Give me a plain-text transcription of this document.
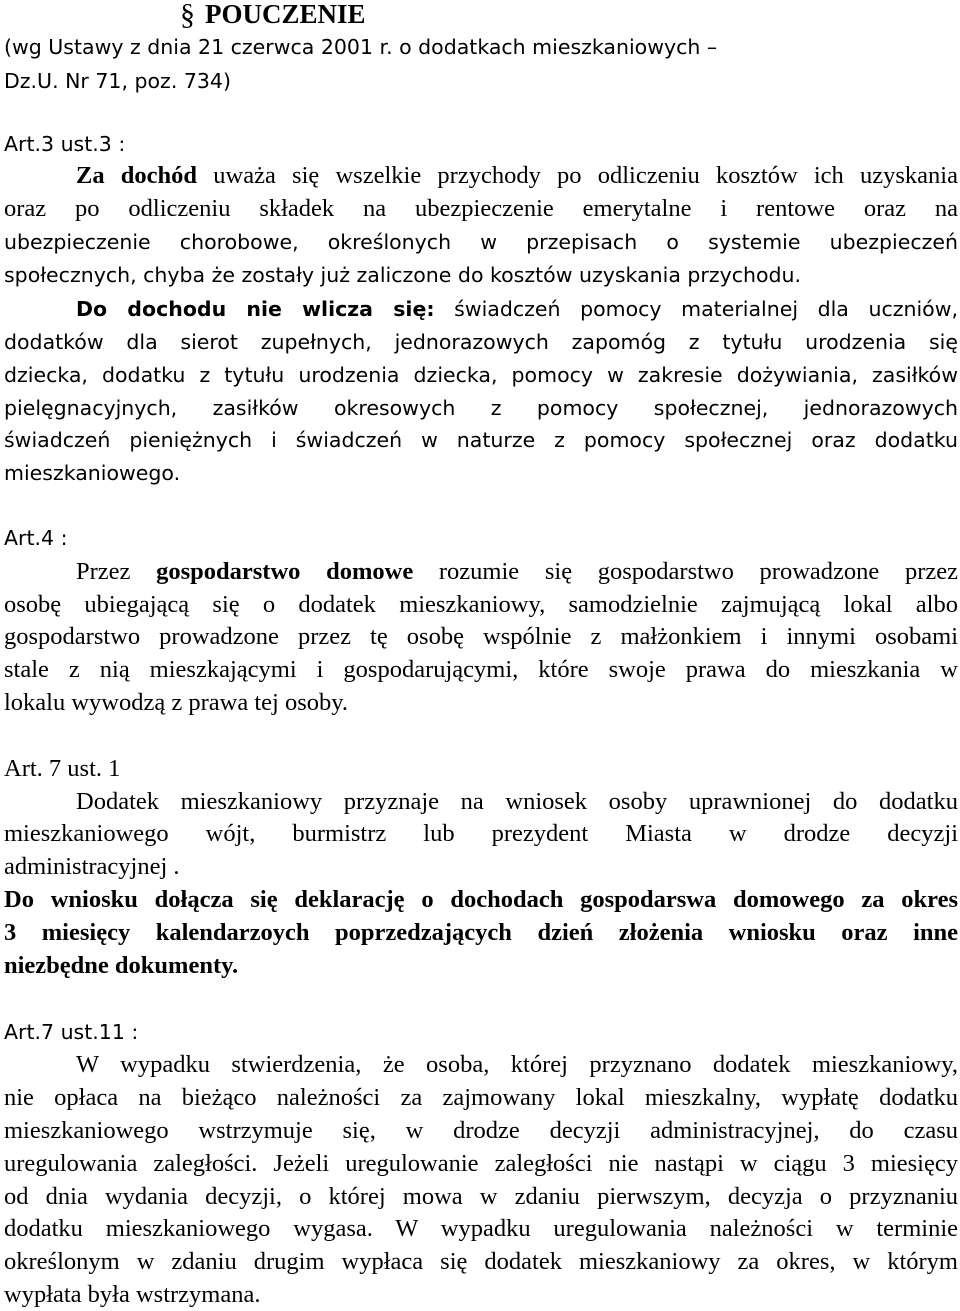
§ POUCZENIE
(wg Ustawy z dnia 21 czerwca 2001 r. o dodatkach mieszkaniowych –
Dz.U. Nr 71, poz. 734)
Art.3 ust.3 :
Za dochód uważa się wszelkie przychody po odliczeniu kosztów ich uzyskania
oraz po odliczeniu składek na ubezpieczenie emerytalne i rentowe oraz na
ubezpieczenie chorobowe, określonych w przepisach o systemie ubezpieczeń
społecznych, chyba że zostały już zaliczone do kosztów uzyskania przychodu.
Do dochodu nie wlicza się: świadczeń pomocy materialnej dla uczniów,
dodatków dla sierot zupełnych, jednorazowych zapomóg z tytułu urodzenia się
dziecka, dodatku z tytułu urodzenia dziecka, pomocy w zakresie dożywiania, zasiłków
pielęgnacyjnych, zasiłków okresowych z pomocy społecznej, jednorazowych
świadczeń pieniężnych i świadczeń w naturze z pomocy społecznej oraz dodatku
mieszkaniowego.
Art.4 :
Przez gospodarstwo domowe rozumie się gospodarstwo prowadzone przez
osobę ubiegającą się o dodatek mieszkaniowy, samodzielnie zajmującą lokal albo
gospodarstwo prowadzone przez tę osobę wspólnie z małżonkiem i innymi osobami
stale z nią mieszkającymi i gospodarującymi, które swoje prawa do mieszkania w
lokalu wywodzą z prawa tej osoby.
Art. 7 ust. 1
Dodatek mieszkaniowy przyznaje na wniosek osoby uprawnionej do dodatku
mieszkaniowego wójt, burmistrz lub prezydent Miasta w drodze decyzji
administracyjnej .
Do wniosku dołącza się deklarację o dochodach gospodarswa domowego za okres
3 miesięcy kalendarzoych poprzedzających dzień złożenia wniosku oraz inne
niezbędne dokumenty.
Art.7 ust.11 :
W wypadku stwierdzenia, że osoba, której przyznano dodatek mieszkaniowy,
nie opłaca na bieżąco należności za zajmowany lokal mieszkalny, wypłatę dodatku
mieszkaniowego wstrzymuje się, w drodze decyzji administracyjnej, do czasu
uregulowania zaległości. Jeżeli uregulowanie zaległości nie nastąpi w ciągu 3 miesięcy
od dnia wydania decyzji, o której mowa w zdaniu pierwszym, decyzja o przyznaniu
dodatku mieszkaniowego wygasa. W wypadku uregulowania należności w terminie
określonym w zdaniu drugim wypłaca się dodatek mieszkaniowy za okres, w którym
wypłata była wstrzymana.
